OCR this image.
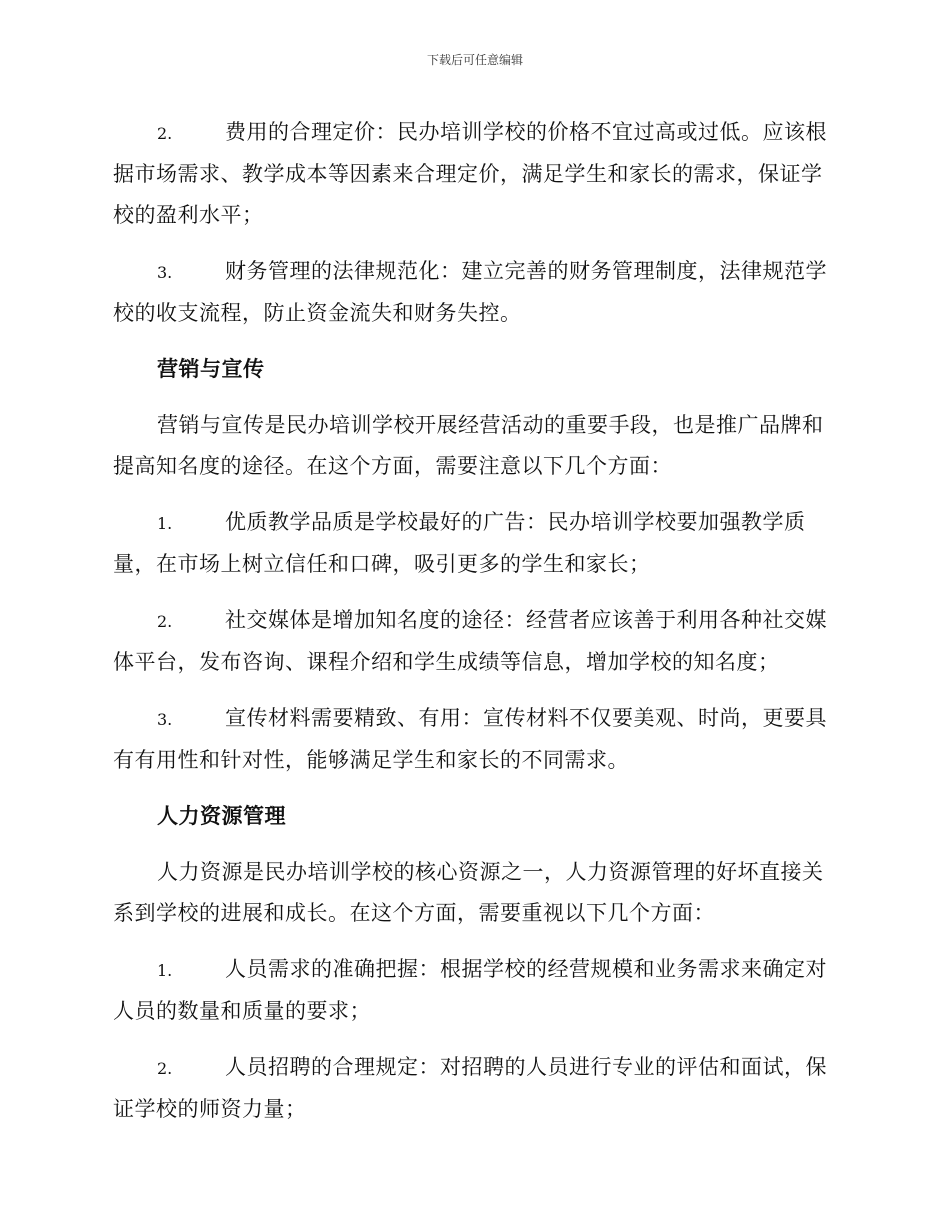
下载后可任意编辑

2.	费用的合理定价：民办培训学校的价格不宜过高或过低。应该根据市场需求、教学成本等因素来合理定价，满足学生和家长的需求，保证学校的盈利水平；

3.	财务管理的法律规范化：建立完善的财务管理制度，法律规范学校的收支流程，防止资金流失和财务失控。

营销与宣传

营销与宣传是民办培训学校开展经营活动的重要手段，也是推广品牌和提高知名度的途径。在这个方面，需要注意以下几个方面：

1.	优质教学品质是学校最好的广告：民办培训学校要加强教学质量，在市场上树立信任和口碑，吸引更多的学生和家长；

2.	社交媒体是增加知名度的途径：经营者应该善于利用各种社交媒体平台，发布咨询、课程介绍和学生成绩等信息，增加学校的知名度；

3.	宣传材料需要精致、有用：宣传材料不仅要美观、时尚，更要具有有用性和针对性，能够满足学生和家长的不同需求。

人力资源管理

人力资源是民办培训学校的核心资源之一，人力资源管理的好坏直接关系到学校的进展和成长。在这个方面，需要重视以下几个方面：

1.	人员需求的准确把握：根据学校的经营规模和业务需求来确定对人员的数量和质量的要求；

2.	人员招聘的合理规定：对招聘的人员进行专业的评估和面试，保证学校的师资力量；
